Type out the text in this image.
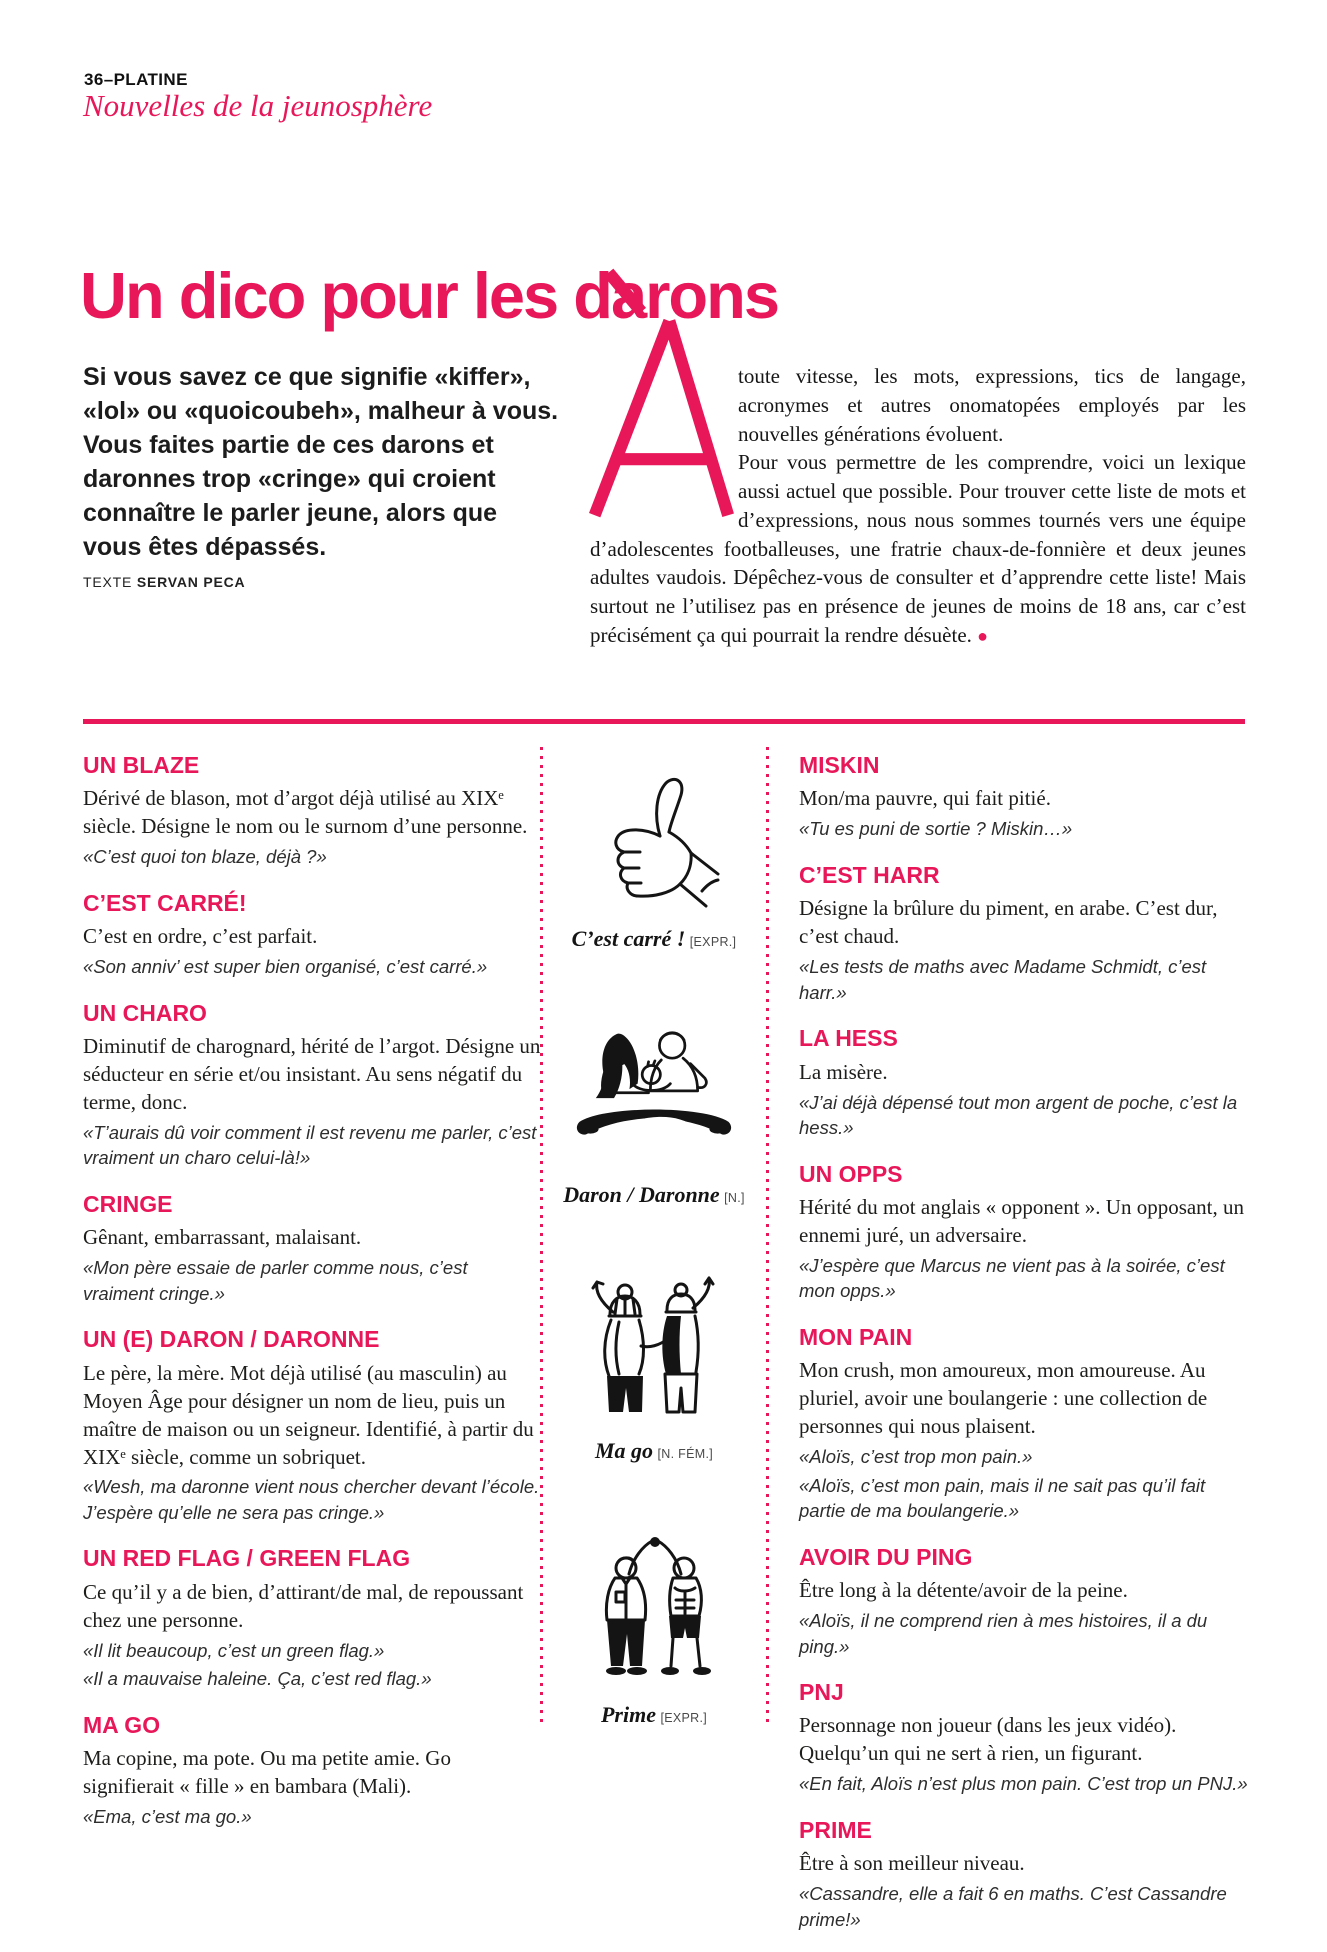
36–PLATINE
Nouvelles de la jeunosphère
Un dico pour les darons
Si vous savez ce que signifie «kiffer», «lol» ou «quoicoubeh», malheur à vous. Vous faites partie de ces darons et daronnes trop «cringe» qui croient connaître le parler jeune, alors que vous êtes dépassés.
TEXTE SERVAN PECA

toute vitesse, les mots, expressions, tics de langage, acronymes et autres onomatopées employés par les nouvelles générations évoluent.

Pour vous permettre de les comprendre, voici un lexique aussi actuel que possible. Pour trouver cette liste de mots et d’expressions, nous nous sommes tournés vers une équipe d’adolescentes footballeuses, une fratrie chaux-de-fonnière et deux jeunes adultes vaudois. Dépêchez-vous de consulter et d’apprendre cette liste! Mais surtout ne l’utilisez pas en présence de jeunes de moins de 18 ans, car c’est précisément ça qui pourrait la rendre désuète. ●

UN BLAZE

Dérivé de blason, mot d’argot déjà utilisé au XIXᵉ siècle. Désigne le nom ou le surnom d’une personne.

«C’est quoi ton blaze, déjà ?»

C’EST CARRÉ!

C’est en ordre, c’est parfait.

«Son anniv’ est super bien organisé, c’est carré.»

UN CHARO

Diminutif de charognard, hérité de l’argot. Désigne un séducteur en série et/ou insistant. Au sens négatif du terme, donc.

«T’aurais dû voir comment il est revenu me parler, c’est vraiment un charo celui-là!»

CRINGE

Gênant, embarrassant, malaisant.

«Mon père essaie de parler comme nous, c’est vraiment cringe.»

UN (E) DARON / DARONNE

Le père, la mère. Mot déjà utilisé (au masculin) au Moyen Âge pour désigner un nom de lieu, puis un maître de maison ou un seigneur. Identifié, à partir du XIXᵉ siècle, comme un sobriquet.

«Wesh, ma daronne vient nous chercher devant l’école. J’espère qu’elle ne sera pas cringe.»

UN RED FLAG / GREEN FLAG

Ce qu’il y a de bien, d’attirant/de mal, de repoussant chez une personne.

«Il lit beaucoup, c’est un green flag.»

«Il a mauvaise haleine. Ça, c’est red flag.»

MA GO

Ma copine, ma pote. Ou ma petite amie. Go signifierait « fille » en bambara (Mali).

«Ema, c’est ma go.»

C’est carré ! [EXPR.]
Daron / Daronne [N.]
Ma go [N. FÉM.]
Prime [EXPR.]
MISKIN

Mon/ma pauvre, qui fait pitié.

«Tu es puni de sortie ? Miskin…»

C’EST HARR

Désigne la brûlure du piment, en arabe. C’est dur, c’est chaud.

«Les tests de maths avec Madame Schmidt, c’est harr.»

LA HESS

La misère.

«J’ai déjà dépensé tout mon argent de poche, c’est la hess.»

UN OPPS

Hérité du mot anglais « opponent ». Un opposant, un ennemi juré, un adversaire.

«J’espère que Marcus ne vient pas à la soirée, c’est mon opps.»

MON PAIN

Mon crush, mon amoureux, mon amoureuse. Au pluriel, avoir une boulangerie : une collection de personnes qui nous plaisent.

«Aloïs, c’est trop mon pain.»

«Aloïs, c’est mon pain, mais il ne sait pas qu’il fait partie de ma boulangerie.»

AVOIR DU PING

Être long à la détente/avoir de la peine.

«Aloïs, il ne comprend rien à mes histoires, il a du ping.»

PNJ

Personnage non joueur (dans les jeux vidéo). Quelqu’un qui ne sert à rien, un figurant.

«En fait, Aloïs n’est plus mon pain. C’est trop un PNJ.»

PRIME

Être à son meilleur niveau.

«Cassandre, elle a fait 6 en maths. C’est Cassandre prime!»
